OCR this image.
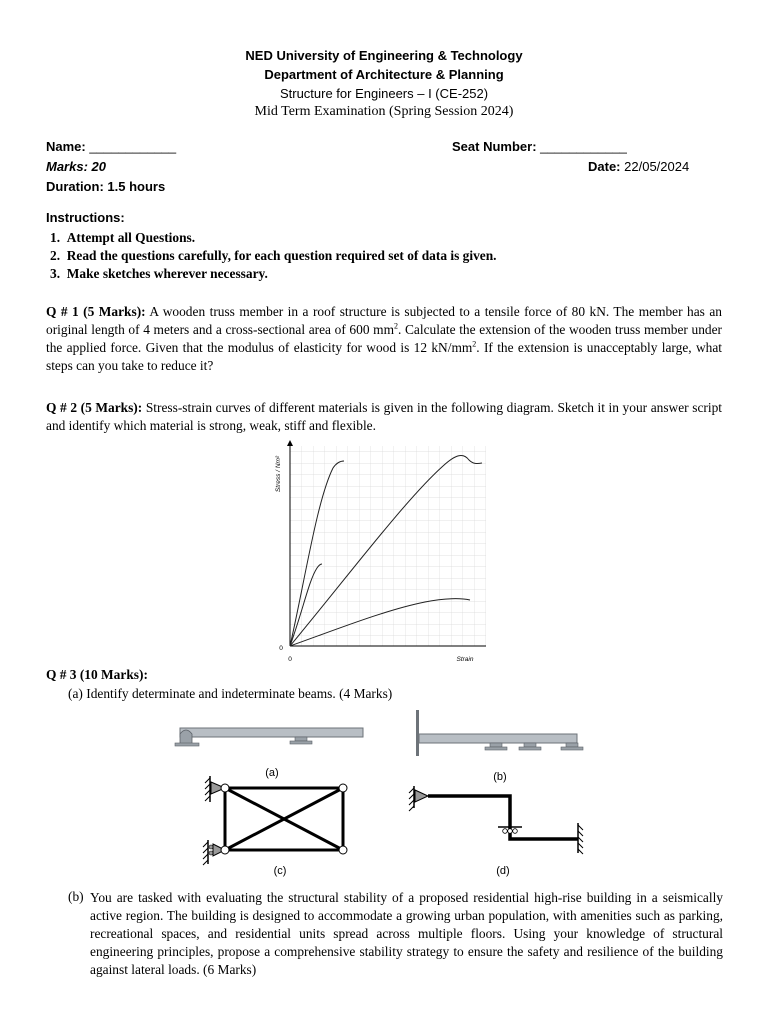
NED University of Engineering & Technology
Department of Architecture & Planning
Structure for Engineers – I (CE-252)
Mid Term Examination (Spring Session 2024)
Name: ____________	Seat Number: ____________
Marks: 20	Date: 22/05/2024
Duration: 1.5 hours
Instructions:
1.  Attempt all Questions.
2.  Read the questions carefully, for each question required set of data is given.
3.  Make sketches wherever necessary.
Q # 1 (5 Marks): A wooden truss member in a roof structure is subjected to a tensile force of 80 kN. The member has an original length of 4 meters and a cross-sectional area of 600 $mm^2$. Calculate the extension of the wooden truss member under the applied force. Given that the modulus of elasticity for wood is 12 $kN/mm^2$. If the extension is unacceptably large, what steps can you take to reduce it?
Q # 2 (5 Marks): Stress-strain curves of different materials is given in the following diagram. Sketch it in your answer script and identify which material is strong, weak, stiff and flexible.
Stress / Nm²
Strain
0
0
Q # 3 (10 Marks):
(a) Identify determinate and indeterminate beams. (4 Marks)
(a)	(b)
(c)	(d)
(b) You are tasked with evaluating the structural stability of a proposed residential high-rise building in a seismically active region. The building is designed to accommodate a growing urban population, with amenities such as parking, recreational spaces, and residential units spread across multiple floors. Using your knowledge of structural engineering principles, propose a comprehensive stability strategy to ensure the safety and resilience of the building against lateral loads. (6 Marks)
